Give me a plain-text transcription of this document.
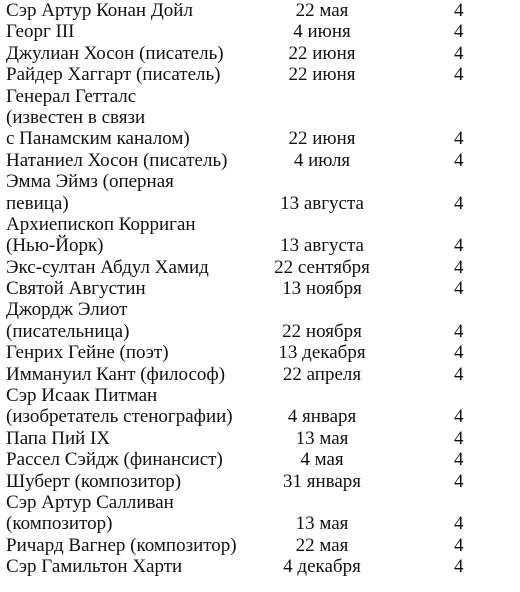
Сэр Артур Конан Дойл	22 мая	4
Георг III	4 июня	4
Джулиан Хосон (писатель)	22 июня	4
Райдер Хаггарт (писатель)	22 июня	4
Генерал Гетталс
(известен в связи
с Панамским каналом)	22 июня	4
Натаниел Хосон (писатель)	4 июля	4
Эмма Эймз (оперная
певица)	13 августа	4
Архиепископ Корриган
(Нью-Йорк)	13 августа	4
Экс-султан Абдул Хамид	22 сентября	4
Святой Августин	13 ноября	4
Джордж Элиот
(писательница)	22 ноября	4
Генрих Гейне (поэт)	13 декабря	4
Иммануил Кант (философ)	22 апреля	4
Сэр Исаак Питман
(изобретатель стенографии)	4 января	4
Папа Пий IX	13 мая	4
Рассел Сэйдж (финансист)	4 мая	4
Шуберт (композитор)	31 января	4
Сэр Артур Салливан
(композитор)	13 мая	4
Ричард Вагнер (композитор)	22 мая	4
Сэр Гамильтон Харти	4 декабря	4
